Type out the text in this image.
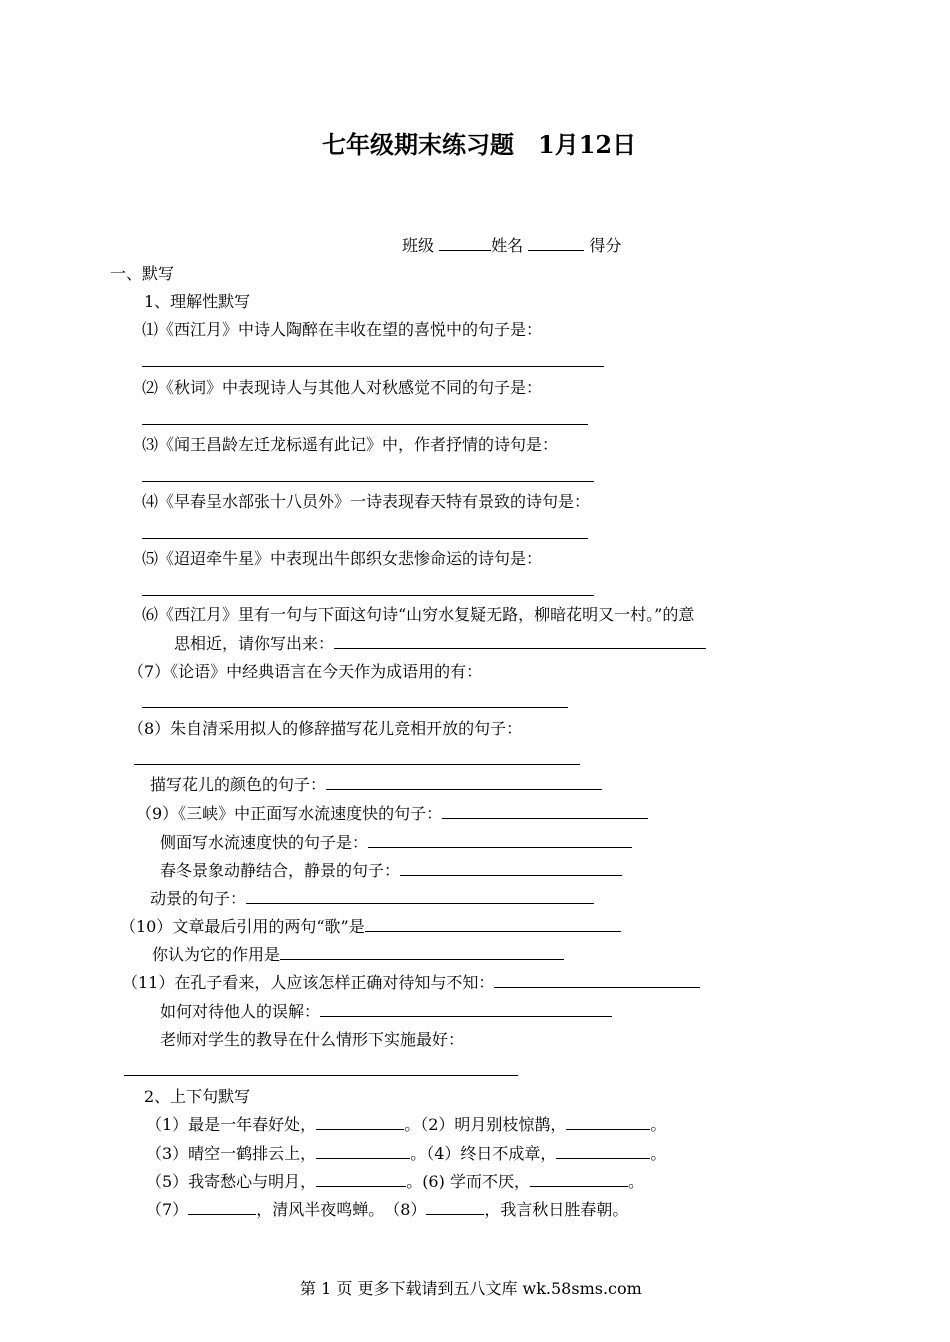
七年级期末练习题　1月12日
班级	姓名	得分
一、默写
1、理解性默写
⑴《西江月》中诗人陶醉在丰收在望的喜悦中的句子是：
⑵《秋词》中表现诗人与其他人对秋感觉不同的句子是：
⑶《闻王昌龄左迁龙标遥有此记》中，作者抒情的诗句是：
⑷《早春呈水部张十八员外》一诗表现春天特有景致的诗句是：
⑸《迢迢牵牛星》中表现出牛郎织女悲惨命运的诗句是：
⑹《西江月》里有一句与下面这句诗“山穷水复疑无路，柳暗花明又一村。”的意
思相近，请你写出来：
（7）《论语》中经典语言在今天作为成语用的有：
（8）朱自清采用拟人的修辞描写花儿竞相开放的句子：
描写花儿的颜色的句子：
（9）《三峡》中正面写水流速度快的句子：
侧面写水流速度快的句子是：
春冬景象动静结合，静景的句子：
动景的句子：
（10）文章最后引用的两句“歌”是
你认为它的作用是
（11）在孔子看来，人应该怎样正确对待知与不知：
如何对待他人的误解：
老师对学生的教导在什么情形下实施最好：
2、上下句默写
（1）最是一年春好处，	。（2）明月别枝惊鹊，	。
（3）晴空一鹤排云上，	。（4）终日不成章，	。
（5）我寄愁心与明月，	。(6) 学而不厌，	。
（7）	，清风半夜鸣蝉。　（8）	，我言秋日胜春朝。
第 1 页 更多下载请到五八文库 wk.58sms.com
